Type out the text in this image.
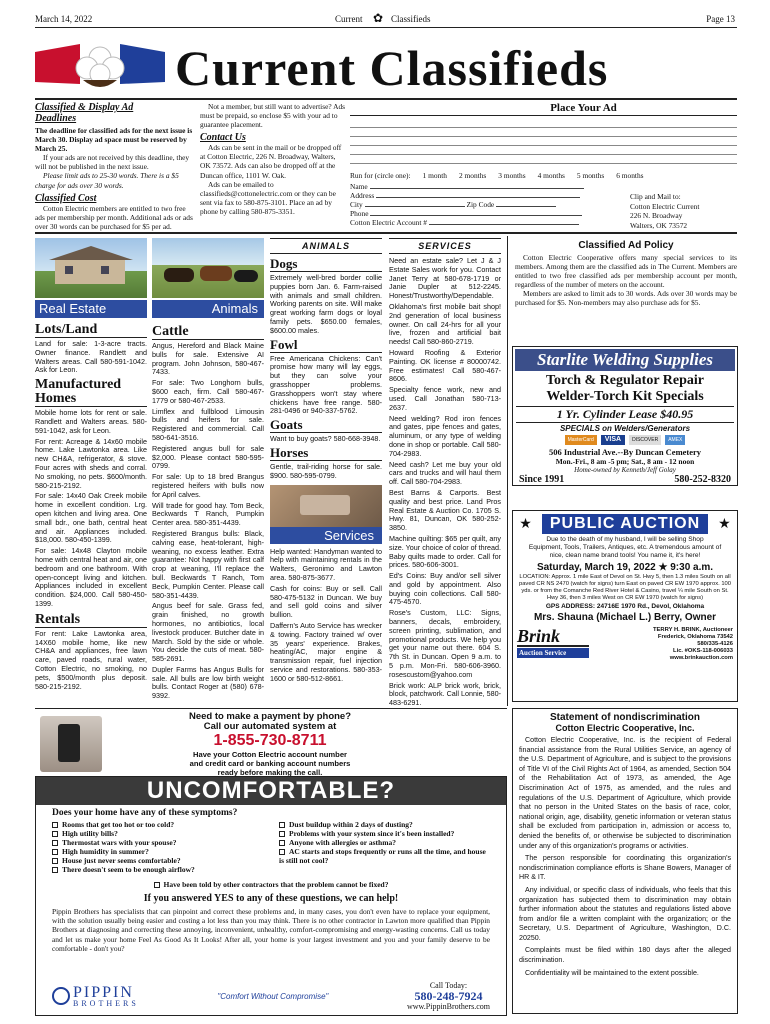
March 14, 2022	Current ✿ Classifieds	Page 13
Current Classifieds
Classified & Display Ad Deadlines

The deadline for classified ads for the next issue is March 30. Display ad space must be reserved by March 25.

If your ads are not received by this deadline, they will not be published in the next issue.

Please limit ads to 25-30 words. There is a $5 charge for ads over 30 words.

Classified Cost

Cotton Electric members are entitled to two free ads per membership per month. Additional ads or ads over 30 words can be purchased for $5 per ad.

Not a member, but still want to advertise? Ads must be prepaid, so enclose $5 with your ad to guarantee placement.

Contact Us

Ads can be sent in the mail or be dropped off at Cotton Electric, 226 N. Broadway, Walters, OK 73572. Ads can also be dropped off at the Duncan office, 1101 W. Oak.

Ads can be emailed to classifieds@cottonelectric.com or they can be sent via fax to 580-875-3101. Place an ad by phone by calling 580-875-3351.

Place Your Ad
Run for (circle one): 1 month 2 months 3 months 4 months 5 months 6 months
Name
Address
City	Zip Code
Phone
Cotton Electric Account #
Clip and Mail to:
Cotton Electric Current
226 N. Broadway
Walters, OK 73572
Real Estate
Lots/Land
Land for sale: 1-3-acre tracts. Owner finance. Randlett and Walters areas. Call 580-591-1042. Ask for Leon.
Manufactured Homes
Mobile home lots for rent or sale. Randlett and Walters areas. 580-591-1042, ask for Leon.
For rent: Acreage & 14x60 mobile home. Lake Lawtonka area. Like new CH&A, refrigerator, & stove. Four acres with sheds and corral. No smoking, no pets. $600/month. 580-215-2192.
For sale: 14x40 Oak Creek mobile home in excellent condition. Lrg. open kitchen and living area. One small bdr., one bath, central heat and air. Appliances included. $18,000. 580-450-1399.
For sale: 14x48 Clayton mobile home with central heat and air, one bedroom and one bathroom. With open-concept living and kitchen. Appliances included in excellent condition. $24,000. Call 580-450-1399.
Rentals
For rent: Lake Lawtonka area, 14X60 mobile home, like new CH&A and appliances, free lawn care, paved roads, rural water, Cotton Electric, no smoking, no pets, $500/month plus deposit. 580-215-2192.
Animals
Cattle
Angus, Hereford and Black Maine bulls for sale. Extensive AI program. John Johnson, 580-467-7433.
For sale: Two Longhorn bulls, $600 each, firm. Call 580-467-1779 or 580-467-2533.
Limflex and fullblood Limousin bulls and heifers for sale. Registered and commercial. Call 580-641-3516.
Registered angus bull for sale $2,000. Please contact 580-595-0799.
For sale: Up to 18 bred Brangus registered heifers with bulls now for April calves.
Will trade for good hay. Tom Beck, Beckwards T Ranch, Pumpkin Center area. 580-351-4439.
Registered Brangus bulls: Black, calving ease, heat-tolerant, high-weaning, no excess leather. Extra guarantee: Not happy with first calf crop at weaning, I'll replace the bull. Beckwards T Ranch, Tom Beck, Pumpkin Center. Please call 580-351-4439.
Angus beef for sale. Grass fed, grain finished, no growth hormones, no antibiotics, local livestock producer. Butcher date in March. Sold by the side or whole. You decide the cuts of meat. 580-585-2691.
Dupler Farms has Angus Bulls for sale. All bulls are low birth weight bulls. Contact Roger at (580) 678-9392.
ANIMALS
Dogs
Extremely well-bred border collie puppies born Jan. 6. Farm-raised with animals and small children. Working parents on site. Will make great working farm dogs or loyal family pets. $650.00 females, $600.00 males.
Fowl
Free Americana Chickens: Can't promise how many will lay eggs, but they can solve your grasshopper problems. Grasshoppers won't stay where chickens have free range. 580-281-0496 or 940-337-5762.
Goats
Want to buy goats? 580-668-3948.
Horses
Gentle, trail-riding horse for sale. $900. 580-595-0799.
Services
Help wanted: Handyman wanted to help with maintaining rentals in the Walters, Geronimo and Lawton area. 580-875-3677.
Cash for coins: Buy or sell. Call 580-475-5132 in Duncan. We buy and sell gold coins and silver bullion.
Daffern's Auto Service has wrecker & towing. Factory trained w/ over 35 years' experience. Brakes, heating/AC, major engine & transmission repair, fuel injection service and restorations. 580-353-1600 or 580-512-8661.
SERVICES
Need an estate sale? Let J & J Estate Sales work for you. Contact Janet Terry at 580-678-1719 or Janie Dupler at 512-2245. Honest/Trustworthy/Dependable.
Oklahoma's first mobile bait shop! 2nd generation of local business owner. On call 24-hrs for all your live, frozen and artificial bait needs! Call 580-860-2719.
Howard Roofing & Exterior Painting. OK license # 80000742. Free estimates! Call 580-467-8606.
Specialty fence work, new and used. Call Jonathan 580-713-2637.
Need welding? Rod iron fences and gates, pipe fences and gates, aluminum, or any type of welding done in shop or portable. Call 580-704-2983.
Need cash? Let me buy your old cars and trucks and will haul them off. Call 580-704-2983.
Best Barns & Carports. Best quality and best price. Land Pros Real Estate & Auction Co. 1705 S. Hwy. 81, Duncan, OK 580-252-3850.
Machine quilting: $65 per quilt, any size. Your choice of color of thread. Baby quilts made to order. Call for prices. 580-606-3001.
Ed's Coins: Buy and/or sell silver and gold by appointment. Also buying coin collections. Call 580-475-4570.
Rose's Custom, LLC: Signs, banners, decals, embroidery, screen printing, sublimation, and promotional products. We help you get your name out there. 604 S. 7th St. in Duncan. Open 9 a.m. to 5 p.m. Mon-Fri. 580-606-3960. rosescustom@yahoo.com
Brick work: ALP brick work, brick, block, patchwork. Call Lonnie, 580-483-6291.
Classified Ad Policy

Cotton Electric Cooperative offers many special services to its members. Among them are the classified ads in The Current. Members are entitled to two free classified ads per membership account per month, regardless of the number of meters on the account.

Members are asked to limit ads to 30 words. Ads over 30 words may be purchased for $5. Non-members may also purchase ads for $5.

Starlite Welding Supplies
Torch & Regulator Repair
Welder-Torch Kit Specials
1 Yr. Cylinder Lease $40.95
SPECIALS on Welders/Generators
MasterCard	VISA	DISCOVER	AMEX
506 Industrial Ave.--By Duncan Cemetery
Mon.-Fri., 8 am -5 pm; Sat., 8 am - 12 noon
Home-owned by Kenneth/Jeff Golay
Since 1991	580-252-8320
★	PUBLIC AUCTION	★
Due to the death of my husband, I will be selling Shop
Equipment, Tools, Trailers, Antiques, etc. A tremendous amount of
nice, clean name brand tools! You name it, it's here!
Saturday, March 19, 2022 ★ 9:30 a.m.
LOCATION: Approx. 1 mile East of Devol on St. Hwy 5, then 1.3 miles South on all paved CR NS 2470 (watch for signs) turn East on paved CR EW 1970 approx. 100 yds. or from the Comanche Red River Hotel & Casino, travel ¼ mile South on St. Hwy 36, then 3 miles West on CR EW 1970 (watch for signs)
GPS ADDRESS: 24716E 1970 Rd., Devol, Oklahoma
Mrs. Shauna (Michael L.) Berry, Owner
Brink
Auction Service
TERRY H. BRINK, Auctioneer
Frederick, Oklahoma 73542
580/335-4126
Lic. #OKS-118-006033
www.brinkauction.com
Need to make a payment by phone?
Call our automated system at
1-855-730-8711
Have your Cotton Electric account number
and credit card or banking account numbers
ready before making the call.
UNCOMFORTABLE?
Does your home have any of these symptoms?
Rooms that get too hot or too cold?
High utility bills?
Thermostat wars with your spouse?
High humidity in summer?
House just never seems comfortable?
There doesn't seem to be enough airflow?
Dust buildup within 2 days of dusting?
Problems with your system since it's been installed?
Anyone with allergies or asthma?
AC starts and stops frequently or runs all the time, and house is still not cool?
Have been told by other contractors that the problem cannot be fixed?
If you answered YES to any of these questions, we can help!
Pippin Brothers has specialists that can pinpoint and correct these problems and, in many cases, you don't even have to replace your equipment, with the solution usually being easier and costing a lot less than you may think. There is no other contractor in Lawton more qualified than Pippin Brothers at diagnosing and correcting these annoying, inconvenient, unhealthy, comfort-compromising and energy-wasting concerns. Call us today and let us make your home Feel As Good As It Looks! After all, your home is your largest investment and you and your family deserve to be comfortable - don't you?
PIPPIN
BROTHERS
"Comfort Without Compromise"
Call Today:
580-248-7924
www.PippinBrothers.com
Statement of nondiscrimination
Cotton Electric Cooperative, Inc.
Cotton Electric Cooperative, Inc. is the recipient of Federal financial assistance from the Rural Utilities Service, an agency of the U.S. Department of Agriculture, and is subject to the provisions of Title VI of the Civil Rights Act of 1964, as amended, Section 504 of the Rehabilitation Act of 1973, as amended, the Age Discrimination Act of 1975, as amended, and the rules and regulations of the U.S. Department of Agriculture, which provide that no person in the United States on the basis of race, color, national origin, age, disability, genetic information or veteran status shall be excluded from participation in, admission or access to, denied the benefits of, or otherwise be subjected to discrimination under any of this organization's programs or activities.
The person responsible for coordinating this organization's nondiscrimination compliance efforts is Shane Bowers, Manager of HR & IT.
Any individual, or specific class of individuals, who feels that this organization has subjected them to discrimination may obtain further information about the statutes and regulations listed above from and/or file a written complaint with the organization; or the Secretary, U.S. Department of Agriculture, Washington, D.C. 20250.
Complaints must be filed within 180 days after the alleged discrimination.
Confidentiality will be maintained to the extent possible.
